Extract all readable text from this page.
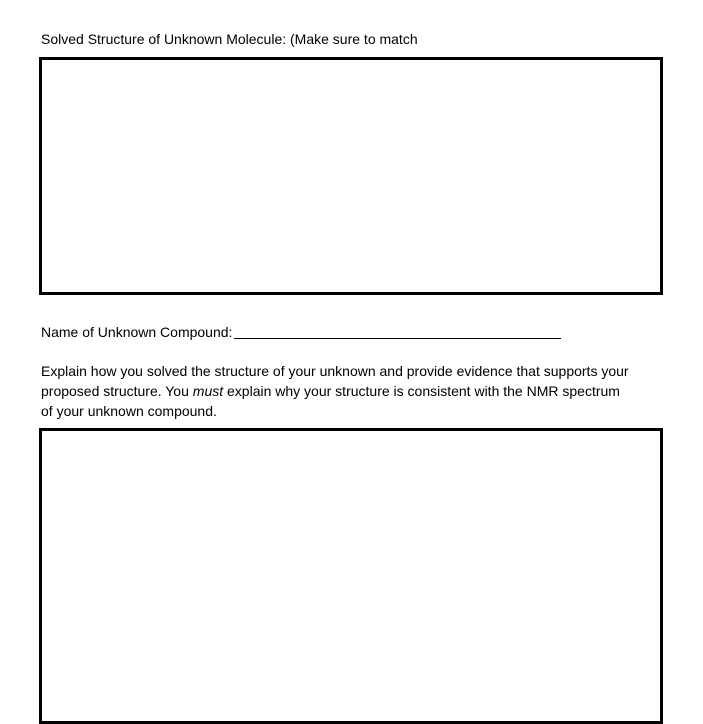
Solved Structure of Unknown Molecule: (Make sure to match
Name of Unknown Compound:
Explain how you solved the structure of your unknown and provide evidence that supports your
proposed structure. You must explain why your structure is consistent with the NMR spectrum
of your unknown compound.
